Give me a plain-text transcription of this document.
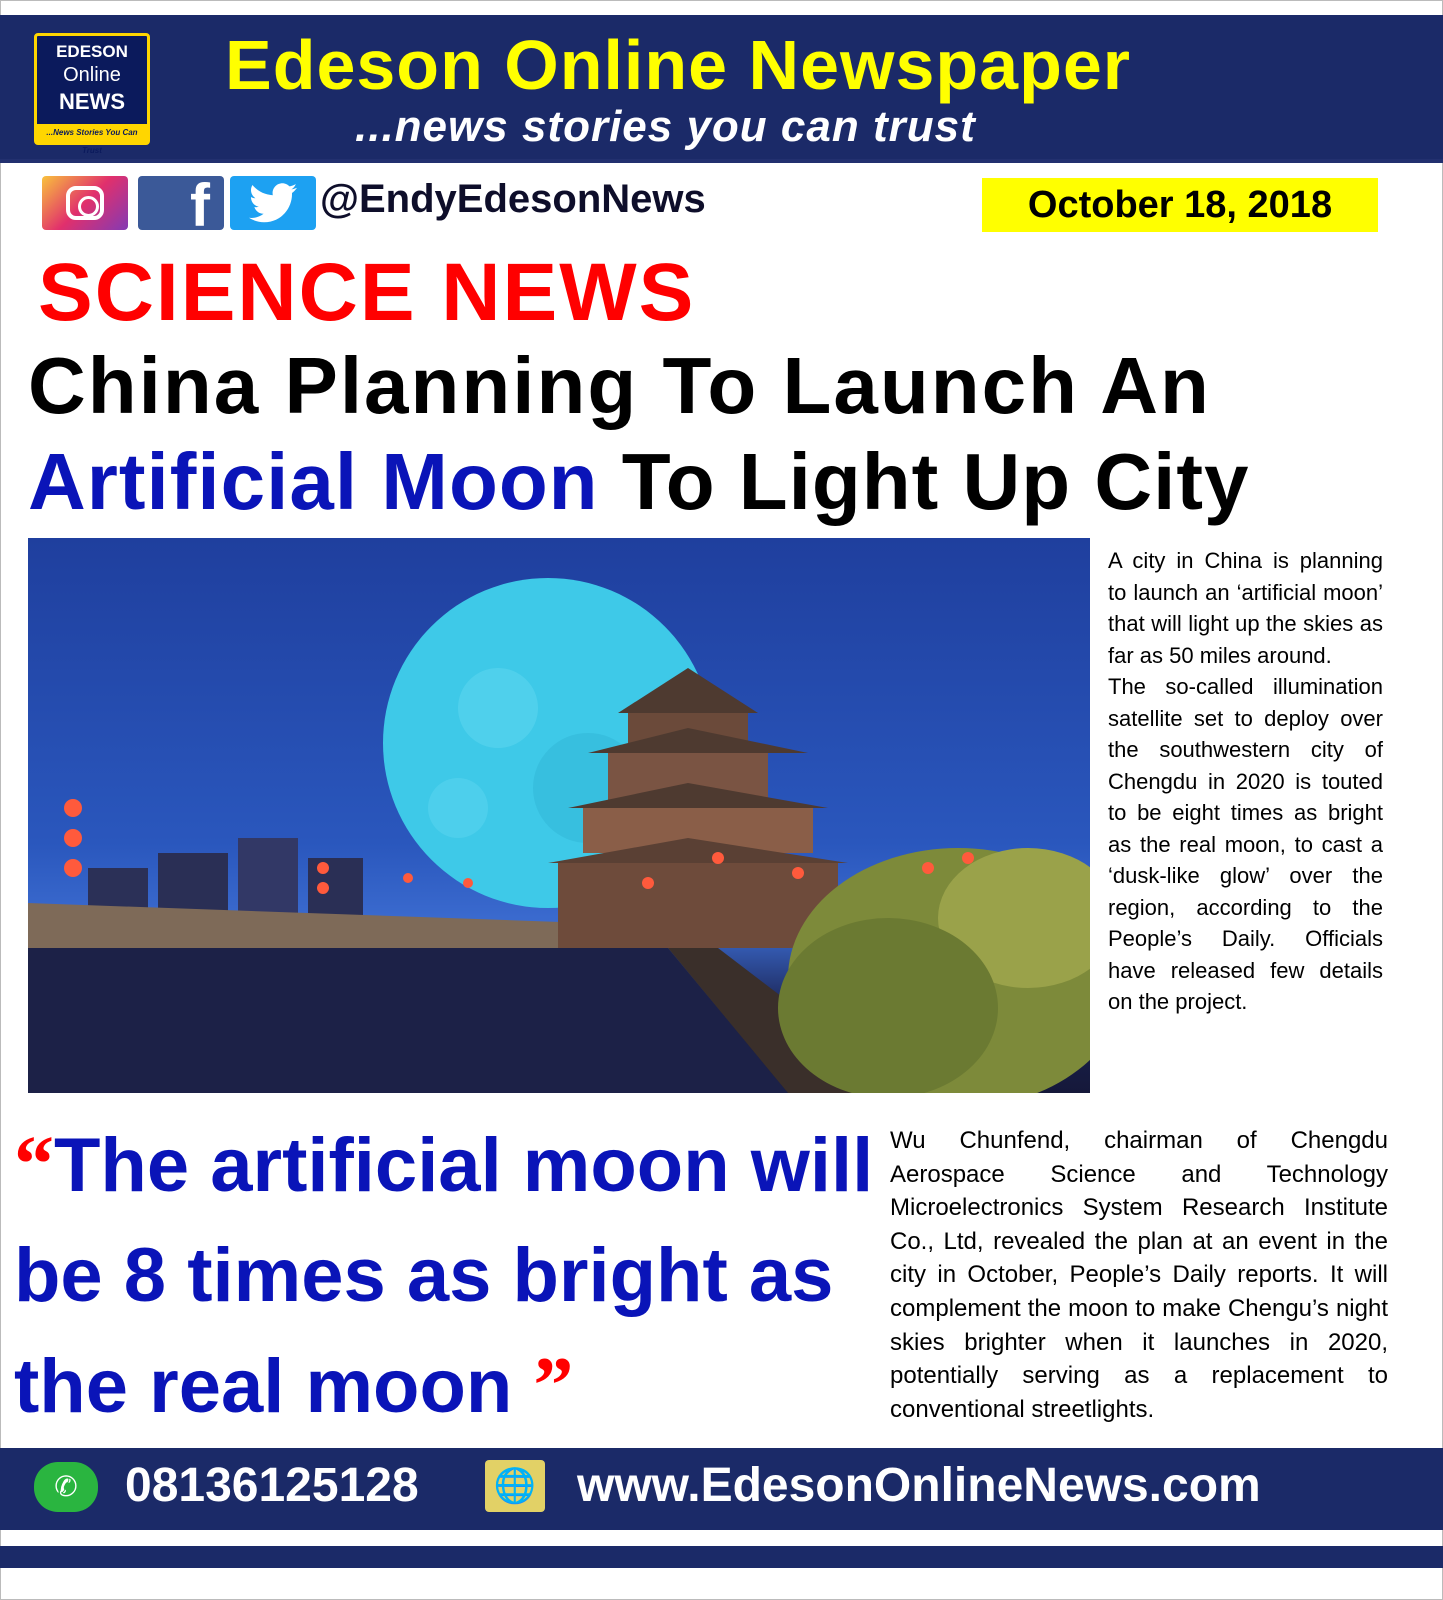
EDESON
Online
NEWS
...News Stories You Can Trust
Edeson Online Newspaper
...news stories you can trust
f	@EndyEdesonNews	October 18, 2018
SCIENCE NEWS
China Planning To Launch An
Artificial Moon To Light Up City

A city in China is planning to launch an ‘artificial moon’ that will light up the skies as far as 50 miles around.

The so-called illumination satellite set to deploy over the southwestern city of Chengdu in 2020 is touted to be eight times as bright as the real moon, to cast a ‘dusk-like glow’ over the region, according to the People’s Daily. Officials have released few details on the project.

“The artificial moon will be 8 times as bright as the real moon ”
Wu Chunfend, chairman of Chengdu Aerospace Science and Technology Microelectronics System Research Institute Co., Ltd, revealed the plan at an event in the city in October, People’s Daily reports. It will complement the moon to make Chengu’s night skies brighter when it launches in 2020, potentially serving as a replacement to conventional streetlights.
✆ 08136125128 🌐 www.EdesonOnlineNews.com
